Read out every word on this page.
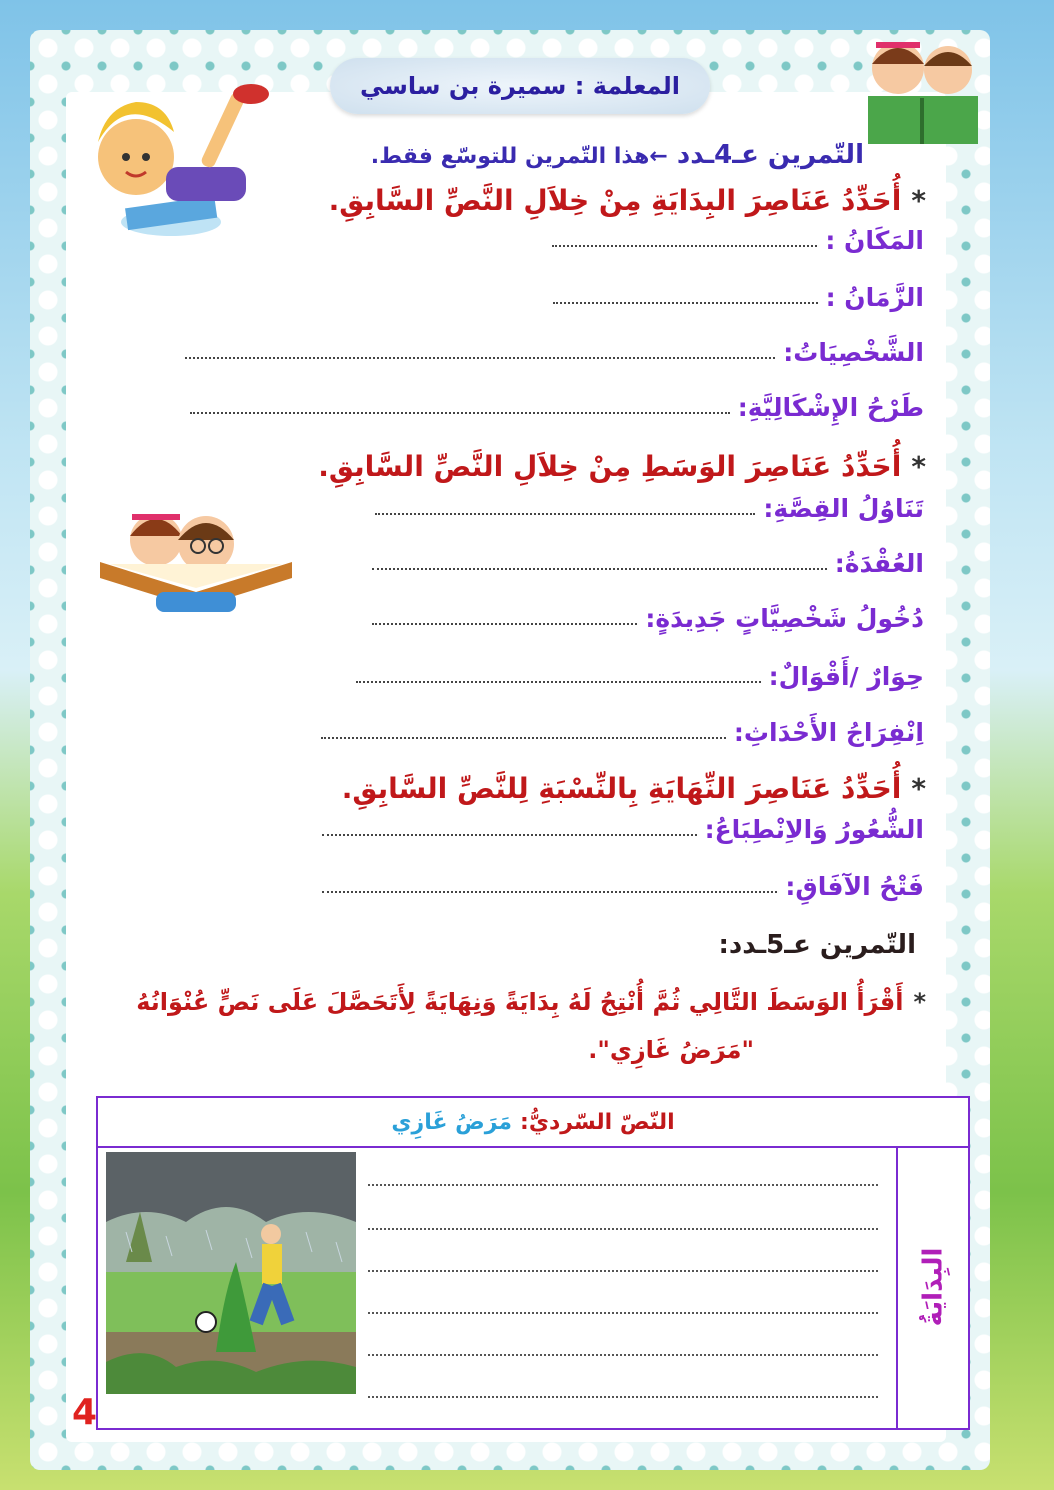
المعلمة : سميرة بن ساسي
التّمرين عـ4ـدد ←هذا التّمرين للتوسّع فقط.
*أُحَدِّدُ عَنَاصِرَ البِدَايَةِ مِنْ خِلاَلِ النَّصِّ السَّابِقِ.
المَكَانُ :
الزَّمَانُ :
الشَّخْصِيَاتُ:
طَرْحُ الإِشْكَالِيَّةِ:
*أُحَدِّدُ عَنَاصِرَ الوَسَطِ مِنْ خِلاَلِ النَّصِّ السَّابِقِ.
تَنَاوُلُ القِصَّةِ:
العُقْدَةُ:
دُخُولُ شَخْصِيَّاتٍ جَدِيدَةٍ:
حِوَارٌ /أَقْوَالٌ:
اِنْفِرَاجُ الأَحْدَاثِ:
*أُحَدِّدُ عَنَاصِرَ النِّهَايَةِ بِالنِّسْبَةِ لِلنَّصِّ السَّابِقِ.
الشُّعُورُ وَالاِنْطِبَاعُ:
فَتْحُ الآفَاقِ:
التّمرين عـ5ـدد:
*أَقْرَأُ الوَسَطَ التَّالِي ثُمَّ أُنْتِجُ لَهُ بِدَايَةً وَنِهَايَةً لِأَتَحَصَّلَ عَلَى نَصٍّ عُنْوَانُهُ
"مَرَضُ غَازِي".
النّصّ السّرديُّ:
مَرَضُ غَازِي
البِدَايَةُ
4
